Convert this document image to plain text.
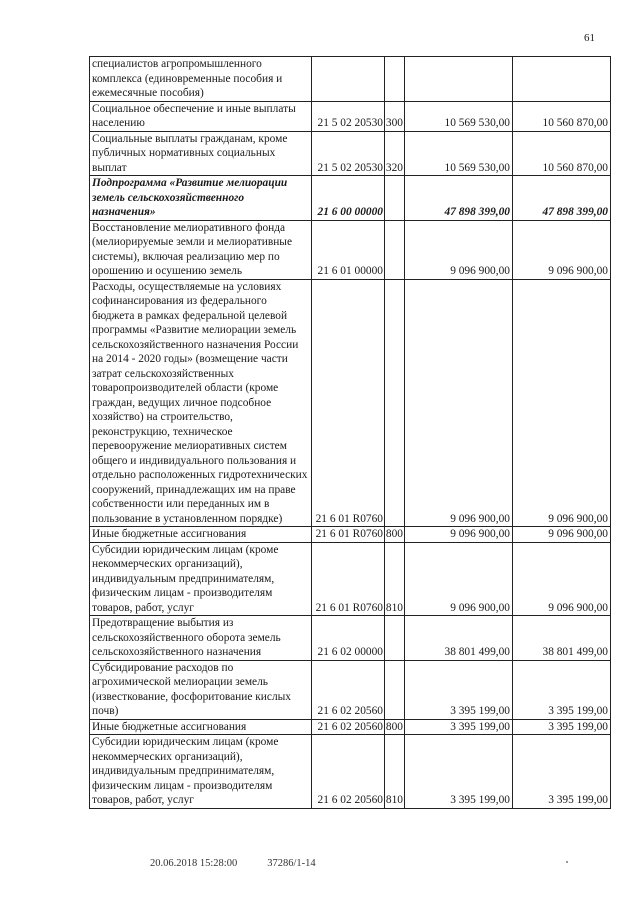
61
специалистов агропромышленного комплекса (единовременные пособия и ежемесячные пособия)
Социальное обеспечение и иные выплаты населению	21 5 02 20530 300	10 569 530,00	10 560 870,00
Социальные выплаты гражданам, кроме публичных нормативных социальных выплат	21 5 02 20530 320	10 569 530,00	10 560 870,00
Подпрограмма «Развитие мелиорации земель сельскохозяйственного назначения»	21 6 00 00000	47 898 399,00	47 898 399,00
Восстановление мелиоративного фонда (мелиорируемые земли и мелиоративные системы), включая реализацию мер по орошению и осушению земель	21 6 01 00000	9 096 900,00	9 096 900,00
Расходы, осуществляемые на условиях софинансирования из федерального бюджета в рамках федеральной целевой программы «Развитие мелиорации земель сельскохозяйственного назначения России на 2014 - 2020 годы» (возмещение части затрат сельскохозяйственных товаропроизводителей области (кроме граждан, ведущих личное подсобное хозяйство) на строительство, реконструкцию, техническое перевооружение мелиоративных систем общего и индивидуального пользования и отдельно расположенных гидротехнических сооружений, принадлежащих им на праве собственности или переданных им в пользование в установленном порядке)	21 6 01 R0760	9 096 900,00	9 096 900,00
Иные бюджетные ассигнования	21 6 01 R0760 800	9 096 900,00	9 096 900,00
Субсидии юридическим лицам (кроме некоммерческих организаций), индивидуальным предпринимателям, физическим лицам - производителям товаров, работ, услуг	21 6 01 R0760 810	9 096 900,00	9 096 900,00
Предотвращение выбытия из сельскохозяйственного оборота земель сельскохозяйственного назначения	21 6 02 00000	38 801 499,00	38 801 499,00
Субсидирование расходов по агрохимической мелиорации земель (известкование, фосфоритование кислых почв)	21 6 02 20560	3 395 199,00	3 395 199,00
Иные бюджетные ассигнования	21 6 02 20560 800	3 395 199,00	3 395 199,00
Субсидии юридическим лицам (кроме некоммерческих организаций), индивидуальным предпринимателям, физическим лицам - производителям товаров, работ, услуг	21 6 02 20560 810	3 395 199,00	3 395 199,00
20.06.2018 15:28:00	37286/1-14
